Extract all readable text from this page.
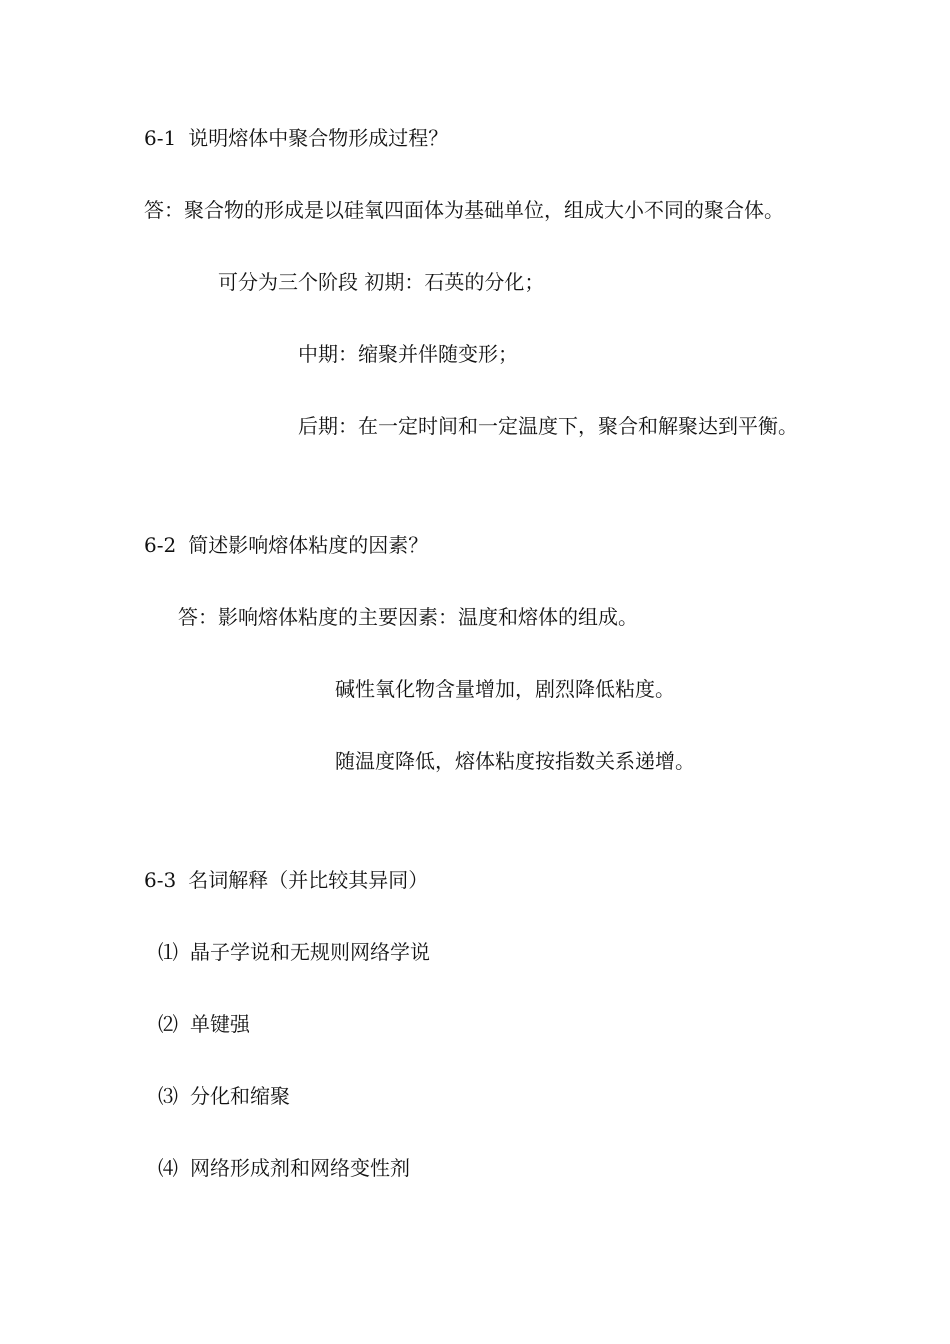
6-1 说明熔体中聚合物形成过程？
答：聚合物的形成是以硅氧四面体为基础单位，组成大小不同的聚合体。
可分为三个阶段 初期：石英的分化；
中期：缩聚并伴随变形；
后期：在一定时间和一定温度下，聚合和解聚达到平衡。
6-2 简述影响熔体粘度的因素？
答：影响熔体粘度的主要因素：温度和熔体的组成。
碱性氧化物含量增加，剧烈降低粘度。
随温度降低，熔体粘度按指数关系递增。
6-3 名词解释（并比较其异同）
⑴ 晶子学说和无规则网络学说
⑵ 单键强
⑶ 分化和缩聚
⑷ 网络形成剂和网络变性剂
